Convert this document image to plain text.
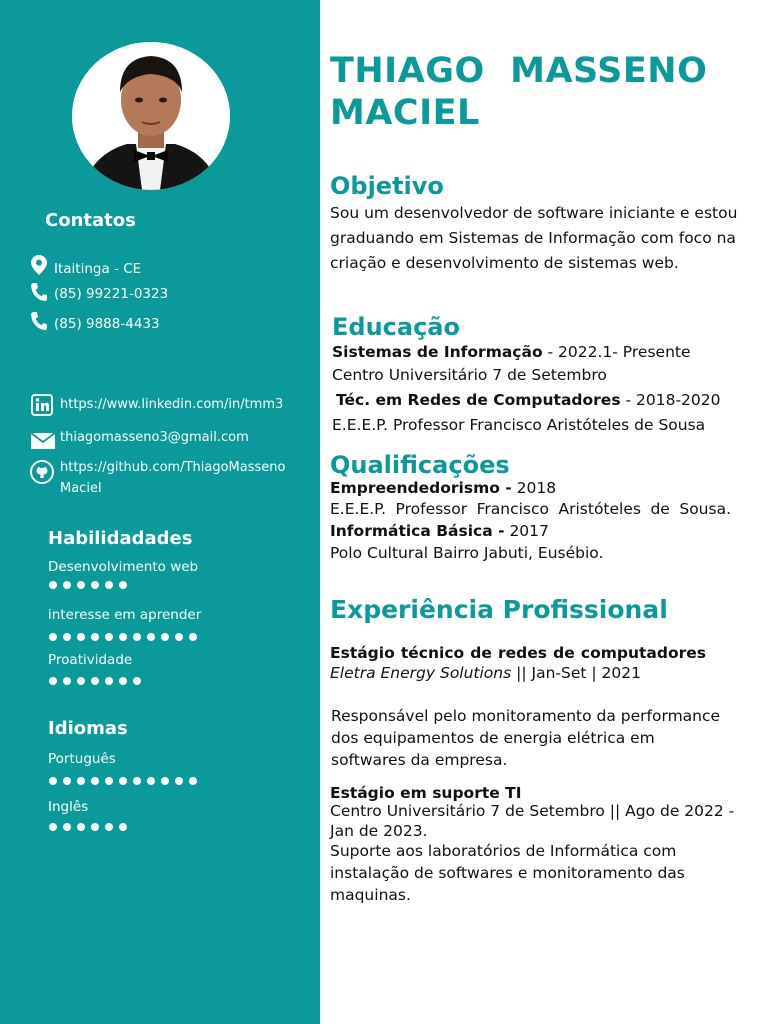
Contatos
Itaitinga - CE
(85) 99221-0323
(85) 9888-4433
https://www.linkedin.com/in/tmm3
thiagomasseno3@gmail.com
https://github.com/ThiagoMasseno
Maciel
Habilidadades
Desenvolvimento web
interesse em aprender
Proatividade
Idiomas
Português
Inglês
THIAGO  MASSENO
MACIEL
Objetivo
Sou um desenvolvedor de software iniciante e estou graduando em Sistemas de Informação com foco na criação e desenvolvimento de sistemas web.
Educação
Sistemas de Informação - 2022.1- Presente
Centro Universitário 7 de Setembro
Téc. em Redes de Computadores - 2018-2020
E.E.E.P. Professor Francisco Aristóteles de Sousa
Qualificações
Empreendedorismo - 2018
E.E.E.P. Professor Francisco Aristóteles de Sousa. Informática Básica - 2017
Polo Cultural Bairro Jabuti, Eusébio.
Experiência Profissional
Estágio técnico de redes de computadores Eletra Energy Solutions || Jan-Set | 2021
Responsável pelo monitoramento da performance dos equipamentos de energia elétrica em softwares da empresa.
Estágio em suporte TI
Centro Universitário 7 de Setembro || Ago de 2022 - Jan de 2023.
Suporte aos laboratórios de Informática com instalação de softwares e monitoramento das maquinas.
